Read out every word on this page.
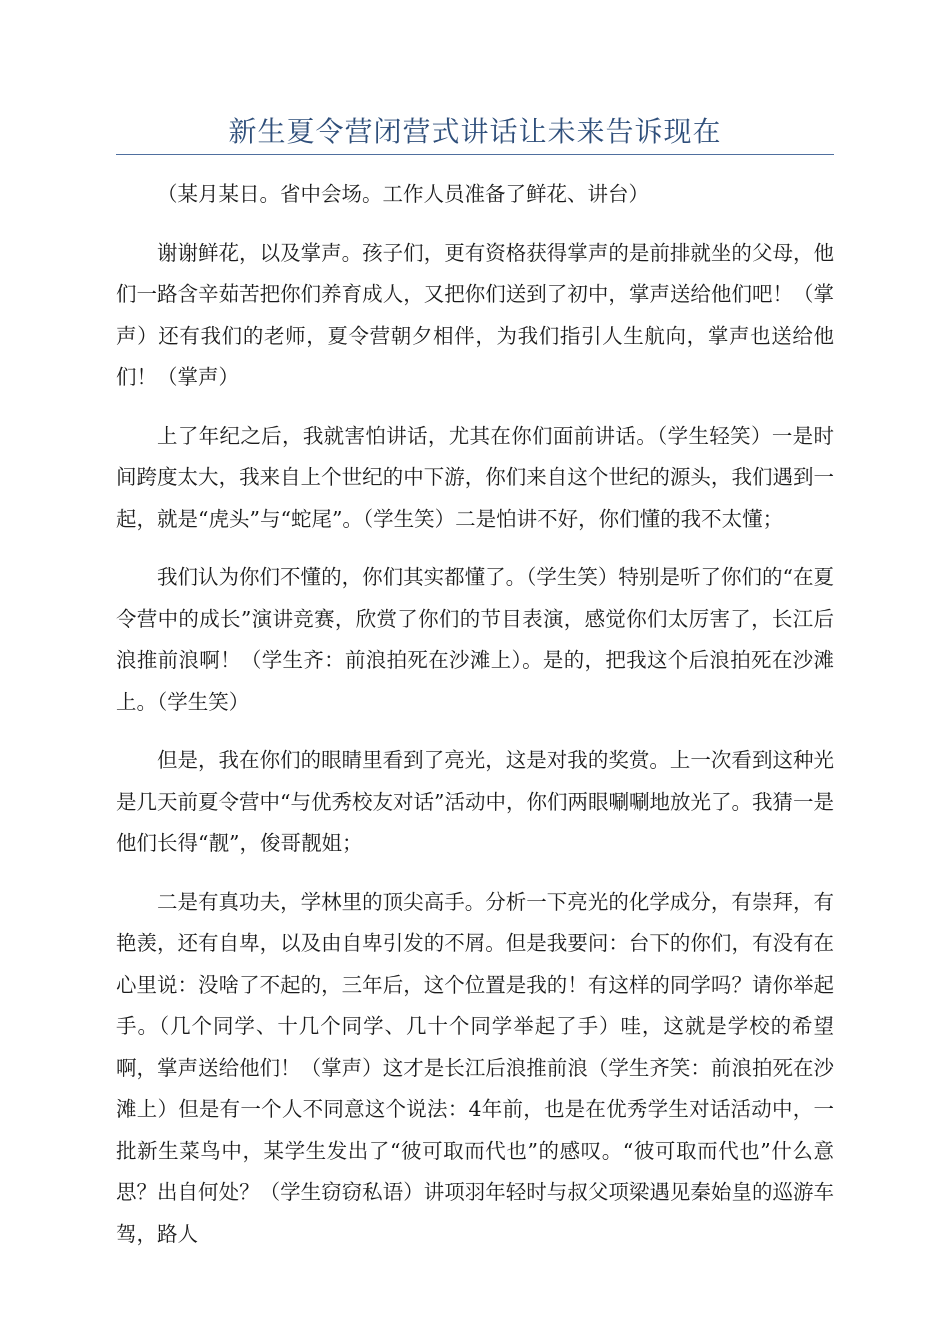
新生夏令营闭营式讲话让未来告诉现在

（某月某日。省中会场。工作人员准备了鲜花、讲台）

谢谢鲜花，以及掌声。孩子们，更有资格获得掌声的是前排就坐的父母，他们一路含辛茹苦把你们养育成人，又把你们送到了初中，掌声送给他们吧！（掌声）还有我们的老师，夏令营朝夕相伴，为我们指引人生航向，掌声也送给他们！（掌声）

上了年纪之后，我就害怕讲话，尤其在你们面前讲话。（学生轻笑）一是时间跨度太大，我来自上个世纪的中下游，你们来自这个世纪的源头，我们遇到一起，就是“虎头”与“蛇尾”。（学生笑）二是怕讲不好，你们懂的我不太懂；

我们认为你们不懂的，你们其实都懂了。（学生笑）特别是听了你们的“在夏令营中的成长”演讲竞赛，欣赏了你们的节目表演，感觉你们太厉害了，长江后浪推前浪啊！（学生齐：前浪拍死在沙滩上）。是的，把我这个后浪拍死在沙滩上。（学生笑）

但是，我在你们的眼睛里看到了亮光，这是对我的奖赏。上一次看到这种光是几天前夏令营中“与优秀校友对话”活动中，你们两眼唰唰地放光了。我猜一是他们长得“靓”，俊哥靓姐；

二是有真功夫，学林里的顶尖高手。分析一下亮光的化学成分，有崇拜，有艳羡，还有自卑，以及由自卑引发的不屑。但是我要问：台下的你们，有没有在心里说：没啥了不起的，三年后，这个位置是我的！有这样的同学吗？请你举起手。（几个同学、十几个同学、几十个同学举起了手）哇，这就是学校的希望啊，掌声送给他们！（掌声）这才是长江后浪推前浪（学生齐笑：前浪拍死在沙滩上）但是有一个人不同意这个说法：4年前，也是在优秀学生对话活动中，一批新生菜鸟中，某学生发出了“彼可取而代也”的感叹。“彼可取而代也”什么意思？出自何处？（学生窃窃私语）讲项羽年轻时与叔父项梁遇见秦始皇的巡游车驾，路人
